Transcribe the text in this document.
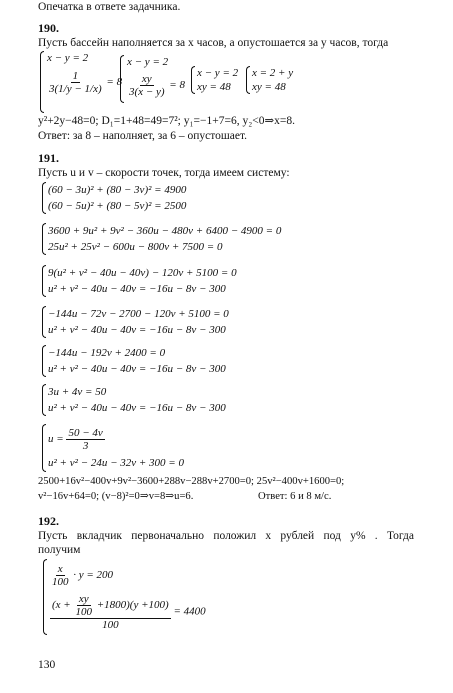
Опечатка в ответе задачника.
190.
Пусть бассейн наполняется за x часов, а опустошается за y часов, тогда
x − y = 2
$\frac{1}{3(1/y - 1/x)} = 8$
x − y = 2
$\frac{xy}{3(x - y)} = 8$
x − y = 2
xy = 48
x = 2 + y
xy = 48
y²+2y−48=0; D₁=1+48=49=7²; y₁=−1+7=6, y₂<0⇒x=8.
Ответ: за 8 – наполняет, за 6 – опустошает.
191.
Пусть u и v – скорости точек, тогда имеем систему:
(60 − 3u)² + (80 − 3v)² = 4900
(60 − 5u)² + (80 − 5v)² = 2500
3600 + 9u² + 9v² − 360u − 480v + 6400 − 4900 = 0
25u² + 25v² − 600u − 800v + 7500 = 0
9(u² + v² − 40u − 40v) − 120v + 5100 = 0
u² + v² − 40u − 40v = −16u − 8v − 300
−144u − 72v − 2700 − 120v + 5100 = 0
u² + v² − 40u − 40v = −16u − 8v − 300
−144u − 192v + 2400 = 0
u² + v² − 40u − 40v = −16u − 8v − 300
3u + 4v = 50
u² + v² − 40u − 40v = −16u − 8v − 300
$u = \frac{50 - 4v}{3}$
u² + v² − 24u − 32v + 300 = 0
2500+16v²−400v+9v²−3600+288v−288v+2700=0; 25v²−400v+1600=0;
v²−16v+64=0; (v−8)²=0⇒v=8⇒u=6.	Ответ: 6 и 8 м/с.
192.
Пусть вкладчик первоначально положил x рублей под y% . Тогда
получим
$\frac{x}{100} \cdot y = 200$
$\frac{(x + \frac{xy}{100} +1800)(y +100)}{100} = 4400$
130
